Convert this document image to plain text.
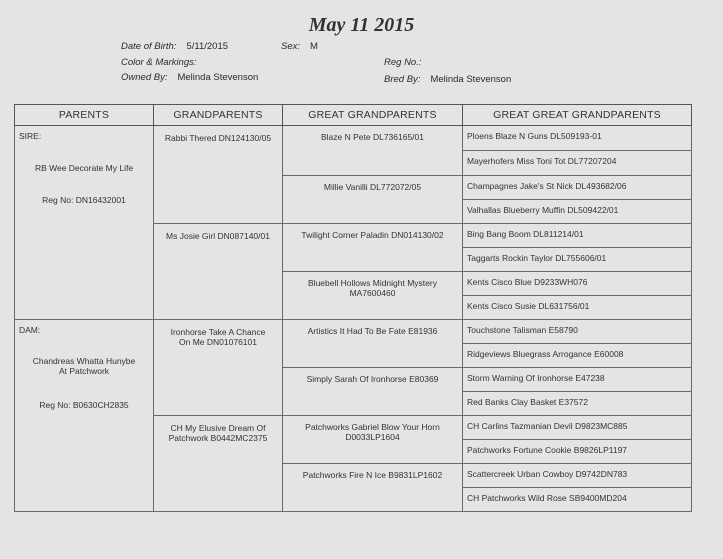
May 11 2015
Date of Birth: 5/11/2015	Sex: M
Color & Markings:	Reg No.:
Owned By: Melinda Stevenson	Bred By: Melinda Stevenson
PARENTS	GRANDPARENTS	GREAT GRANDPARENTS	GREAT GREAT GRANDPARENTS

SIRE:
RB Wee Decorate My Life
Reg No: DN16432001	Rabbi Thered DN124130/05	Blaze N Pete DL736165/01	Ploens Blaze N Guns DL509193-01
			Mayerhofers Miss Toni Tot DL77207204
		Millie Vanilli DL772072/05	Champagnes Jake's St Nick DL493682/06
			Valhallas Blueberry Muffin DL509422/01
	Ms Josie Girl DN087140/01	Twilight Corner Paladin DN014130/02	Bing Bang Boom DL811214/01
			Taggarts Rockin Taylor DL755606/01
		Bluebell Hollows Midnight Mystery MA7600460	Kents Cisco Blue D9233WH076
			Kents Cisco Susie DL631756/01

DAM:
Chandreas Whatta Hunybe At Patchwork
Reg No: B0630CH2835	Ironhorse Take A Chance On Me DN01076101	Artistics It Had To Be Fate E81936	Touchstone Talisman E58790
			Ridgeviews Bluegrass Arrogance E60008
		Simply Sarah Of Ironhorse E80369	Storm Warning Of Ironhorse E47238
			Red Banks Clay Basket E37572

	CH My Elusive Dream Of Patchwork B0442MC2375	Patchworks Gabriel Blow Your Horn D0033LP1604	CH Carlins Tazmanian Devil D9823MC885
			Patchworks Fortune Cookie B9826LP1197
		Patchworks Fire N Ice B9831LP1602	Scattercreek Urban Cowboy D9742DN783
			CH Patchworks Wild Rose SB9400MD204
